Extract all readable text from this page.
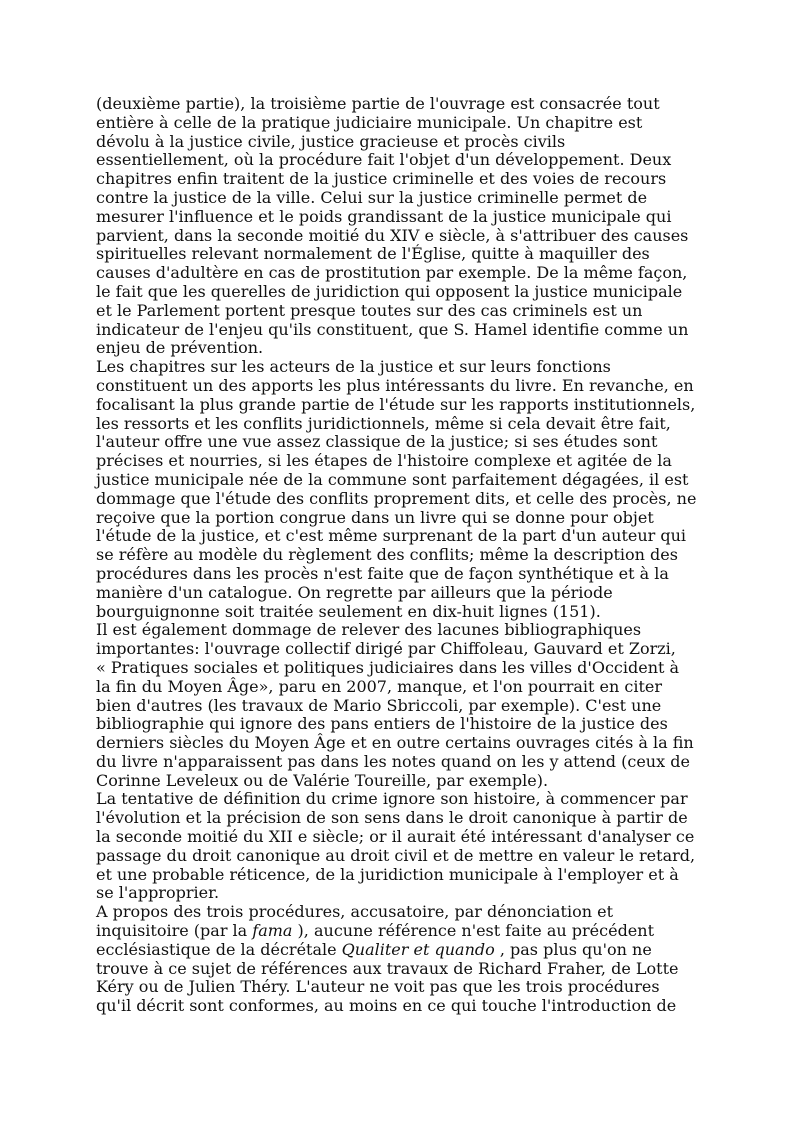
(deuxième partie), la troisième partie de l'ouvrage est consacrée tout
entière à celle de la pratique judiciaire municipale. Un chapitre est
dévolu à la justice civile, justice gracieuse et procès civils
essentiellement, où la procédure fait l'objet d'un développement. Deux
chapitres enfin traitent de la justice criminelle et des voies de recours
contre la justice de la ville. Celui sur la justice criminelle permet de
mesurer l'influence et le poids grandissant de la justice municipale qui
parvient, dans la seconde moitié du XIV e siècle, à s'attribuer des causes
spirituelles relevant normalement de l'Église, quitte à maquiller des
causes d'adultère en cas de prostitution par exemple. De la même façon,
le fait que les querelles de juridiction qui opposent la justice municipale
et le Parlement portent presque toutes sur des cas criminels est un
indicateur de l'enjeu qu'ils constituent, que S. Hamel identifie comme un
enjeu de prévention.

Les chapitres sur les acteurs de la justice et sur leurs fonctions
constituent un des apports les plus intéressants du livre. En revanche, en
focalisant la plus grande partie de l'étude sur les rapports institutionnels,
les ressorts et les conflits juridictionnels, même si cela devait être fait,
l'auteur offre une vue assez classique de la justice; si ses études sont
précises et nourries, si les étapes de l'histoire complexe et agitée de la
justice municipale née de la commune sont parfaitement dégagées, il est
dommage que l'étude des conflits proprement dits, et celle des procès, ne
reçoive que la portion congrue dans un livre qui se donne pour objet
l'étude de la justice, et c'est même surprenant de la part d'un auteur qui
se réfère au modèle du règlement des conflits; même la description des
procédures dans les procès n'est faite que de façon synthétique et à la
manière d'un catalogue. On regrette par ailleurs que la période
bourguignonne soit traitée seulement en dix-huit lignes (151).

Il est également dommage de relever des lacunes bibliographiques
importantes: l'ouvrage collectif dirigé par Chiffoleau, Gauvard et Zorzi,
« Pratiques sociales et politiques judiciaires dans les villes d'Occident à
la fin du Moyen Âge», paru en 2007, manque, et l'on pourrait en citer
bien d'autres (les travaux de Mario Sbriccoli, par exemple). C'est une
bibliographie qui ignore des pans entiers de l'histoire de la justice des
derniers siècles du Moyen Âge et en outre certains ouvrages cités à la fin
du livre n'apparaissent pas dans les notes quand on les y attend (ceux de
Corinne Leveleux ou de Valérie Toureille, par exemple).

La tentative de définition du crime ignore son histoire, à commencer par
l'évolution et la précision de son sens dans le droit canonique à partir de
la seconde moitié du XII e siècle; or il aurait été intéressant d'analyser ce
passage du droit canonique au droit civil et de mettre en valeur le retard,
et une probable réticence, de la juridiction municipale à l'employer et à
se l'approprier.

A propos des trois procédures, accusatoire, par dénonciation et
inquisitoire (par la fama ), aucune référence n'est faite au précédent
ecclésiastique de la décrétale Qualiter et quando , pas plus qu'on ne
trouve à ce sujet de références aux travaux de Richard Fraher, de Lotte
Kéry ou de Julien Théry. L'auteur ne voit pas que les trois procédures
qu'il décrit sont conformes, au moins en ce qui touche l'introduction de
